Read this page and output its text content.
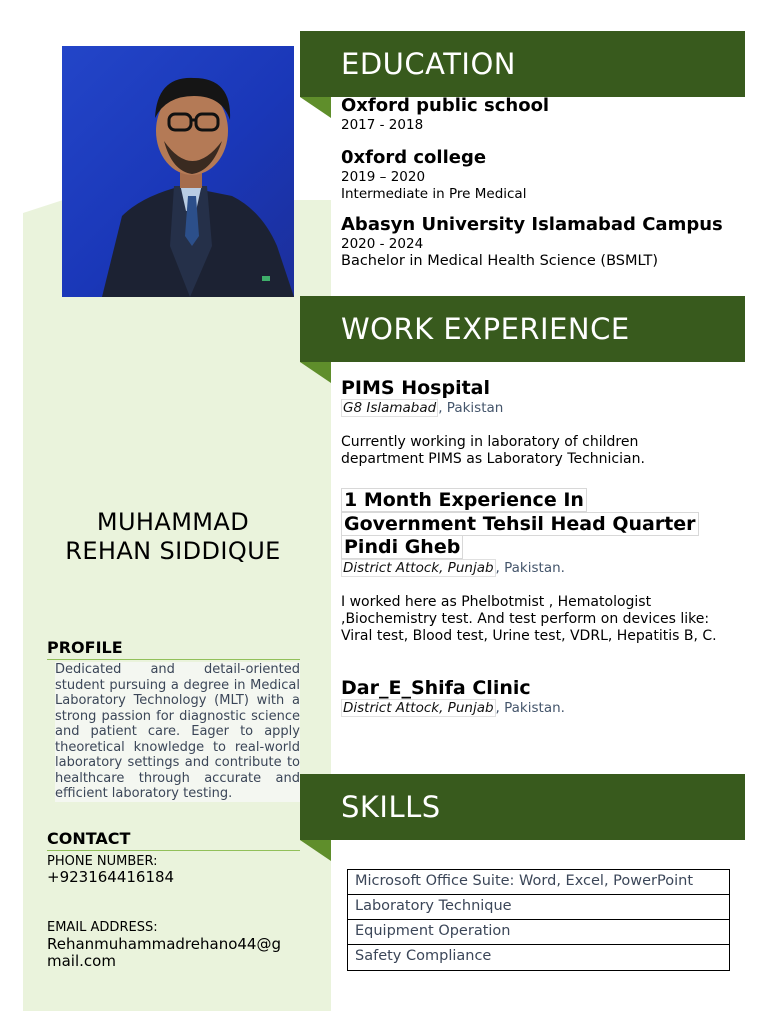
MUHAMMAD
REHAN SIDDIQUE
PROFILE

Dedicated and detail-oriented student pursuing a degree in Medical Laboratory Technology (MLT) with a strong passion for diagnostic science and patient care. Eager to apply theoretical knowledge to real-world laboratory settings and contribute to healthcare through accurate and efficient laboratory testing.

CONTACT
PHONE NUMBER:
+923164416184
EMAIL ADDRESS:
Rehanmuhammadrehano44@gmail.com
EDUCATION
Oxford public school
2017 - 2018
0xford college
2019 – 2020
Intermediate in Pre Medical
Abasyn University Islamabad Campus
2020 - 2024
Bachelor in Medical Health Science (BSMLT)
WORK EXPERIENCE
PIMS Hospital
G8 Islamabad , Pakistan
Currently working in laboratory of children department PIMS as Laboratory Technician.
1 Month Experience In
Government Tehsil Head Quarter
Pindi Gheb
District Attock, Punjab , Pakistan.
I worked here as Phelbotmist , Hematologist ,Biochemistry test. And test perform on devices like: Viral test, Blood test, Urine test, VDRL, Hepatitis B, C.
Dar_E_Shifa Clinic
District Attock, Punjab , Pakistan.
SKILLS
Microsoft Office Suite: Word, Excel, PowerPoint
Laboratory Technique
Equipment Operation
Safety Compliance
